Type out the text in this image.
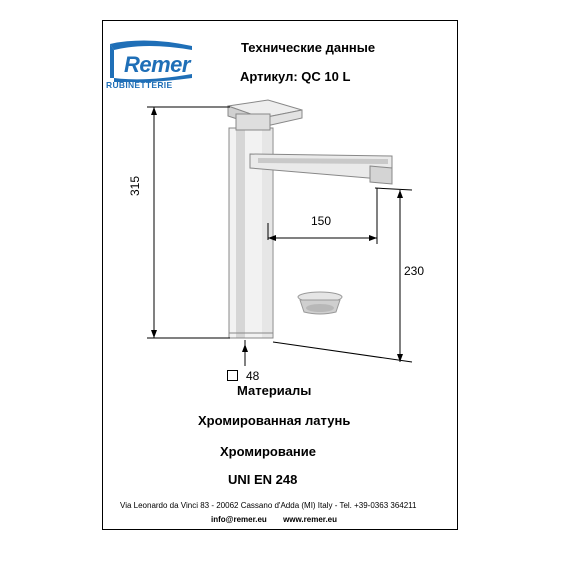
Remer
RUBINETTERIE
Технические данные
Артикул: QC 10 L
315
150
230
48
Материалы
Хромированная латунь
Хромирование
UNI EN 248
Via Leonardo da Vinci 83 - 20062 Cassano d'Adda (MI) Italy - Tel. +39-0363 364211
info@remer.eu www.remer.eu
